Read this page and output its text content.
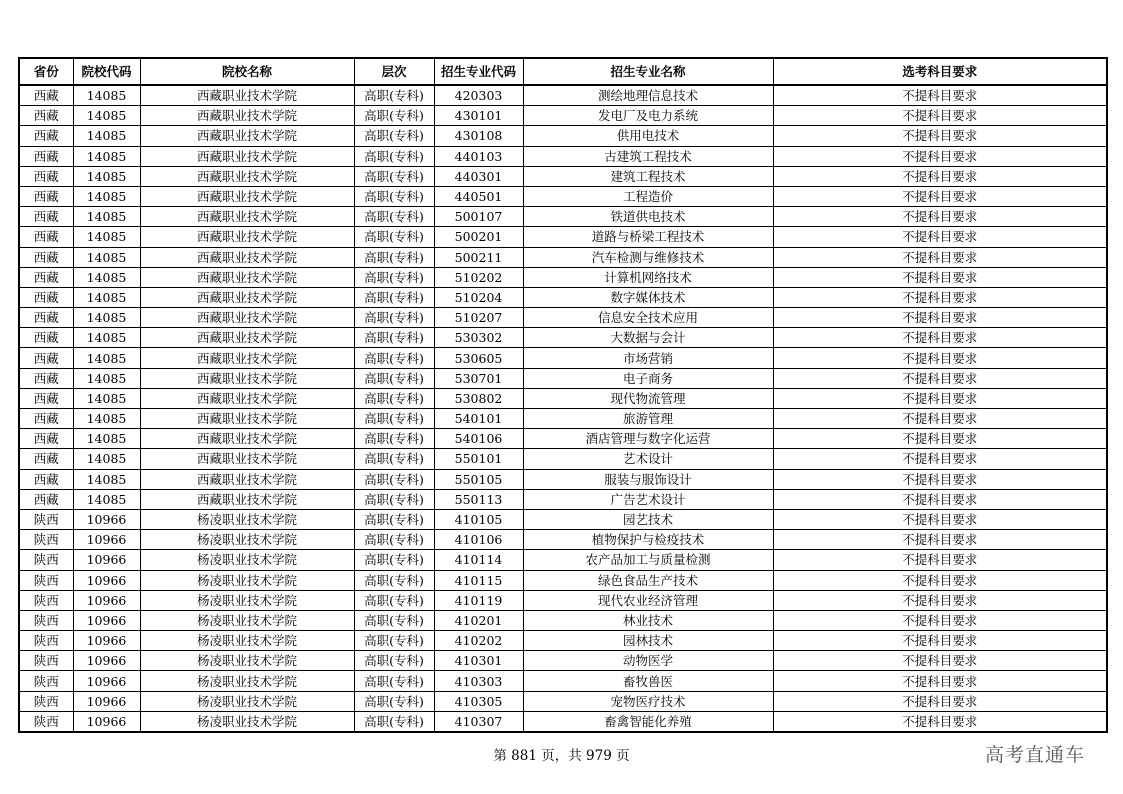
省份	院校代码	院校名称	层次	招生专业代码	招生专业名称	选考科目要求
西藏	14085	西藏职业技术学院	高职(专科)	420303	测绘地理信息技术	不提科目要求
西藏	14085	西藏职业技术学院	高职(专科)	430101	发电厂及电力系统	不提科目要求
西藏	14085	西藏职业技术学院	高职(专科)	430108	供用电技术	不提科目要求
西藏	14085	西藏职业技术学院	高职(专科)	440103	古建筑工程技术	不提科目要求
西藏	14085	西藏职业技术学院	高职(专科)	440301	建筑工程技术	不提科目要求
西藏	14085	西藏职业技术学院	高职(专科)	440501	工程造价	不提科目要求
西藏	14085	西藏职业技术学院	高职(专科)	500107	铁道供电技术	不提科目要求
西藏	14085	西藏职业技术学院	高职(专科)	500201	道路与桥梁工程技术	不提科目要求
西藏	14085	西藏职业技术学院	高职(专科)	500211	汽车检测与维修技术	不提科目要求
西藏	14085	西藏职业技术学院	高职(专科)	510202	计算机网络技术	不提科目要求
西藏	14085	西藏职业技术学院	高职(专科)	510204	数字媒体技术	不提科目要求
西藏	14085	西藏职业技术学院	高职(专科)	510207	信息安全技术应用	不提科目要求
西藏	14085	西藏职业技术学院	高职(专科)	530302	大数据与会计	不提科目要求
西藏	14085	西藏职业技术学院	高职(专科)	530605	市场营销	不提科目要求
西藏	14085	西藏职业技术学院	高职(专科)	530701	电子商务	不提科目要求
西藏	14085	西藏职业技术学院	高职(专科)	530802	现代物流管理	不提科目要求
西藏	14085	西藏职业技术学院	高职(专科)	540101	旅游管理	不提科目要求
西藏	14085	西藏职业技术学院	高职(专科)	540106	酒店管理与数字化运营	不提科目要求
西藏	14085	西藏职业技术学院	高职(专科)	550101	艺术设计	不提科目要求
西藏	14085	西藏职业技术学院	高职(专科)	550105	服装与服饰设计	不提科目要求
西藏	14085	西藏职业技术学院	高职(专科)	550113	广告艺术设计	不提科目要求
陕西	10966	杨凌职业技术学院	高职(专科)	410105	园艺技术	不提科目要求
陕西	10966	杨凌职业技术学院	高职(专科)	410106	植物保护与检疫技术	不提科目要求
陕西	10966	杨凌职业技术学院	高职(专科)	410114	农产品加工与质量检测	不提科目要求
陕西	10966	杨凌职业技术学院	高职(专科)	410115	绿色食品生产技术	不提科目要求
陕西	10966	杨凌职业技术学院	高职(专科)	410119	现代农业经济管理	不提科目要求
陕西	10966	杨凌职业技术学院	高职(专科)	410201	林业技术	不提科目要求
陕西	10966	杨凌职业技术学院	高职(专科)	410202	园林技术	不提科目要求
陕西	10966	杨凌职业技术学院	高职(专科)	410301	动物医学	不提科目要求
陕西	10966	杨凌职业技术学院	高职(专科)	410303	畜牧兽医	不提科目要求
陕西	10966	杨凌职业技术学院	高职(专科)	410305	宠物医疗技术	不提科目要求
陕西	10966	杨凌职业技术学院	高职(专科)	410307	畜禽智能化养殖	不提科目要求
第 881 页，共 979 页	高考直通车
